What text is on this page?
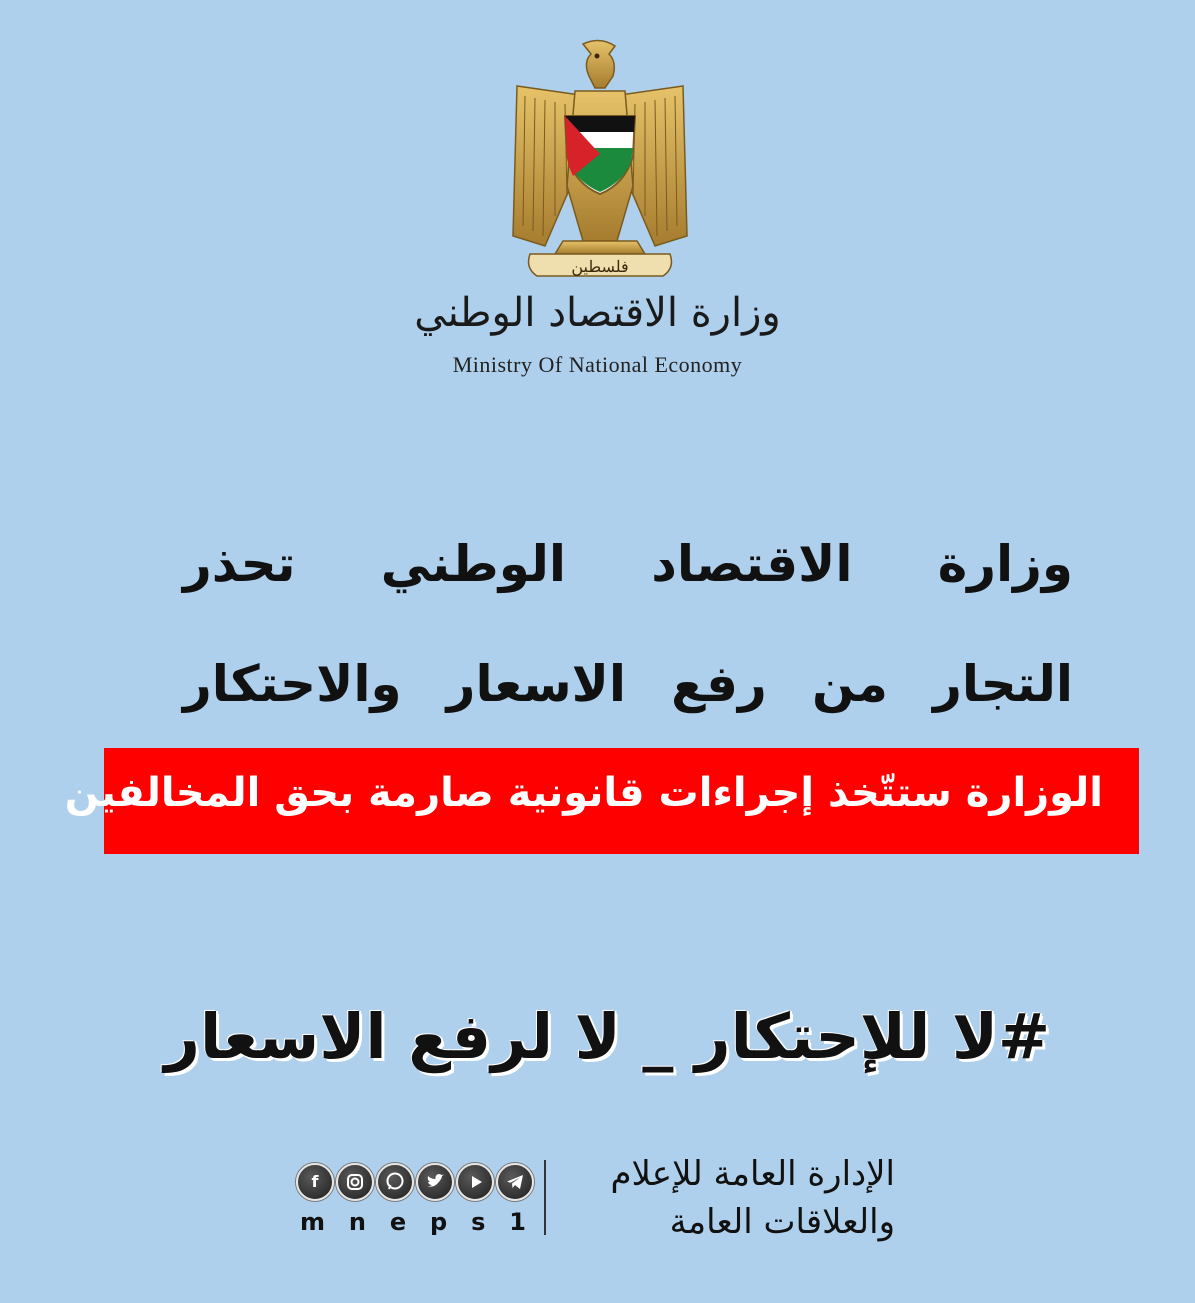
فلسطين
وزارة الاقتصاد الوطني
Ministry Of National Economy
وزارة الاقتصاد الوطني تحذر
التجار من رفع الاسعار والاحتكار
الوزارة ستتّخذ إجراءات قانونية صارمة بحق المخالفين
#لا للإحتكار _ لا لرفع الاسعار
الإدارة العامة للإعلام
والعلاقات العامة
f
m n e p s 1
